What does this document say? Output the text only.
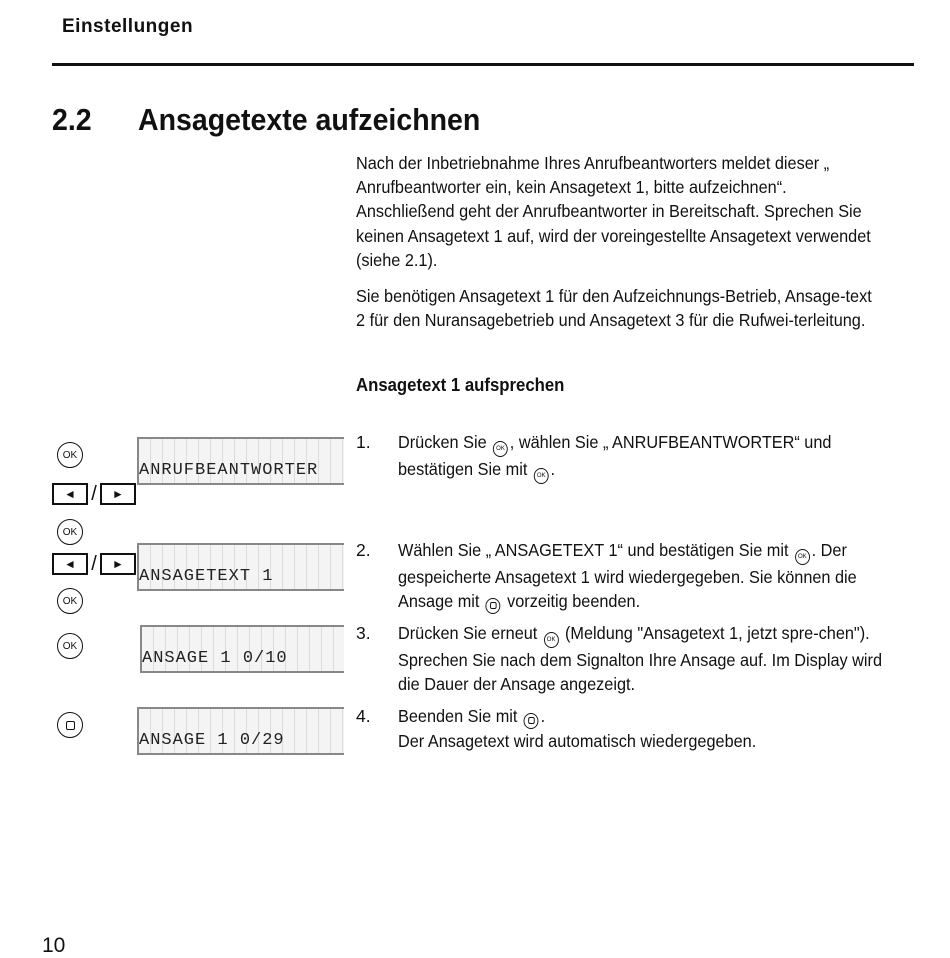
Einstellungen
2.2 Ansagetexte aufzeichnen
Nach der Inbetriebnahme Ihres Anrufbeantworters meldet dieser „ Anrufbeantworter ein, kein Ansagetext 1, bitte aufzeichnen“. Anschließend geht der Anrufbeantworter in Bereitschaft. Sprechen Sie keinen Ansagetext 1 auf, wird der voreingestellte Ansagetext verwendet (siehe 2.1).
Sie benötigen Ansagetext 1 für den Aufzeichnungs-Betrieb, Ansage-text 2 für den Nuransagebetrieb und Ansagetext 3 für die Rufwei-terleitung.
Ansagetext 1 aufsprechen
1. Drücken Sie OK , wählen Sie „ ANRUFBEANTWORTER“ und bestätigen Sie mit OK .
2. Wählen Sie „ ANSAGETEXT 1“ und bestätigen Sie mit OK . Der gespeicherte Ansagetext 1 wird wiedergegeben. Sie können die Ansage mit vorzeitig beenden.
3. Drücken Sie erneut OK (Meldung "Ansagetext 1, jetzt spre-chen"). Sprechen Sie nach dem Signalton Ihre Ansage auf. Im Display wird die Dauer der Ansage angezeigt.
4. Beenden Sie mit .
Der Ansagetext wird automatisch wiedergegeben.
OK
◄ /	►
OK
◄ /	►
OK
OK
ANRUFBEANTWORTER
ANSAGETEXT 1
ANSAGE 1 0/10
ANSAGE 1 0/29
10
